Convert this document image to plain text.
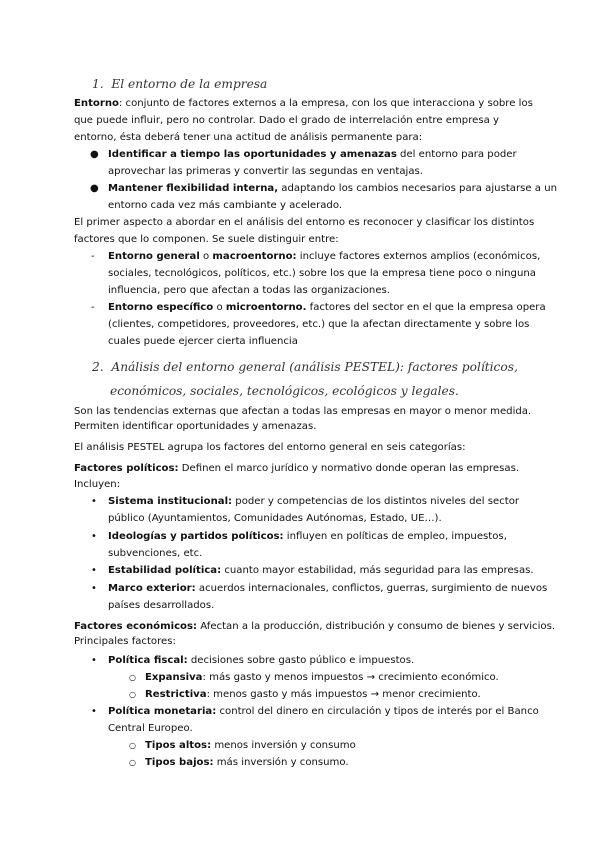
1. El entorno de la empresa
Entorno: conjunto de factores externos a la empresa, con los que interacciona y sobre los
que puede influir, pero no controlar. Dado el grado de interrelación entre empresa y
entorno, ésta deberá tener una actitud de análisis permanente para:
● Identificar a tiempo las oportunidades y amenazas del entorno para poder
aprovechar las primeras y convertir las segundas en ventajas.
● Mantener flexibilidad interna, adaptando los cambios necesarios para ajustarse a un
entorno cada vez más cambiante y acelerado.
El primer aspecto a abordar en el análisis del entorno es reconocer y clasificar los distintos
factores que lo componen. Se suele distinguir entre:
- Entorno general o macroentorno: incluye factores externos amplios (económicos,
sociales, tecnológicos, políticos, etc.) sobre los que la empresa tiene poco o ninguna
influencia, pero que afectan a todas las organizaciones.
- Entorno específico o microentorno. factores del sector en el que la empresa opera
(clientes, competidores, proveedores, etc.) que la afectan directamente y sobre los
cuales puede ejercer cierta influencia
2. Análisis del entorno general (análisis PESTEL): factores políticos,
económicos, sociales, tecnológicos, ecológicos y legales.
Son las tendencias externas que afectan a todas las empresas en mayor o menor medida.
Permiten identificar oportunidades y amenazas.
El análisis PESTEL agrupa los factores del entorno general en seis categorías:
Factores políticos: Definen el marco jurídico y normativo donde operan las empresas.
Incluyen:
• Sistema institucional: poder y competencias de los distintos niveles del sector
público (Ayuntamientos, Comunidades Autónomas, Estado, UE…).
• Ideologías y partidos políticos: influyen en políticas de empleo, impuestos,
subvenciones, etc.
• Estabilidad política: cuanto mayor estabilidad, más seguridad para las empresas.
• Marco exterior: acuerdos internacionales, conflictos, guerras, surgimiento de nuevos
países desarrollados.
Factores económicos: Afectan a la producción, distribución y consumo de bienes y servicios.
Principales factores:
• Política fiscal: decisiones sobre gasto público e impuestos.
○ Expansiva: más gasto y menos impuestos → crecimiento económico.
○ Restrictiva: menos gasto y más impuestos → menor crecimiento.
• Política monetaria: control del dinero en circulación y tipos de interés por el Banco
Central Europeo.
○ Tipos altos: menos inversión y consumo
○ Tipos bajos: más inversión y consumo.
